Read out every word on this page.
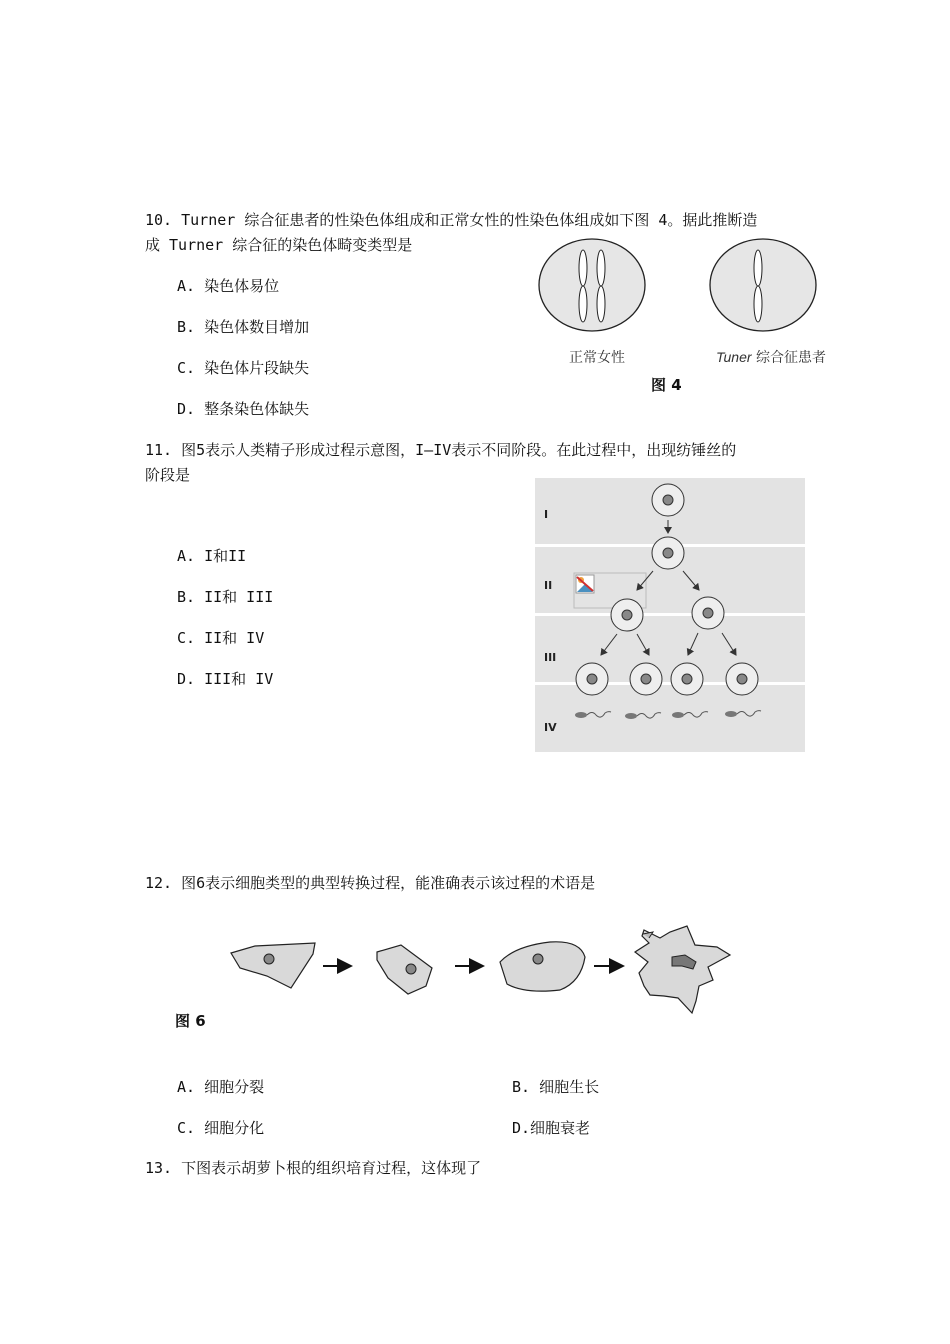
10. Turner 综合征患者的性染色体组成和正常女性的性染色体组成如下图 4。据此推断造
成 Turner 综合征的染色体畸变类型是
A. 染色体易位
B. 染色体数目增加
C. 染色体片段缺失
D. 整条染色体缺失
正常女性	Tuner 综合征患者
图 4
11. 图5表示人类精子形成过程示意图，I—IV表示不同阶段。在此过程中，出现纺锤丝的
阶段是
A. I和II
B. II和 III
C. II和 IV
D. III和 IV
I
II
III
IV
12. 图6表示细胞类型的典型转换过程，能准确表示该过程的术语是
图 6
A. 细胞分裂	B. 细胞生长
C. 细胞分化	D.细胞衰老
13. 下图表示胡萝卜根的组织培育过程，这体现了
